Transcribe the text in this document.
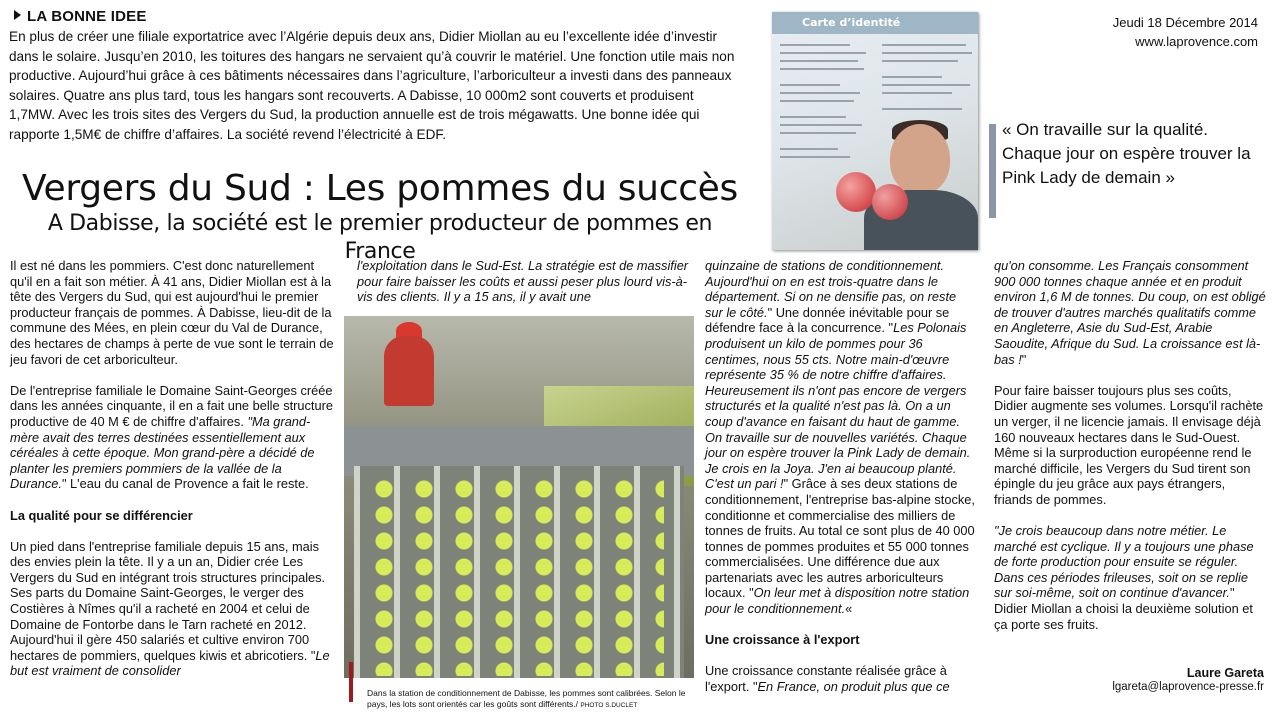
LA BONNE IDEE
En plus de créer une filiale exportatrice avec l’Algérie depuis deux ans, Didier Miollan au eu l’excellente idée d’investir dans le solaire. Jusqu’en 2010, les toitures des hangars ne servaient qu’à couvrir le matériel. Une fonction utile mais non productive. Aujourd’hui grâce à ces bâtiments nécessaires dans l’agriculture, l’arboriculteur a investi dans des panneaux solaires. Quatre ans plus tard, tous les hangars sont recouverts. A Dabisse, 10 000m2 sont couverts et produisent 1,7MW. Avec les trois sites des Vergers du Sud, la production annuelle est de trois mégawatts. Une bonne idée qui rapporte 1,5M€ de chiffre d’affaires. La société revend l’électricité à EDF.
Jeudi 18 Décembre 2014
www.laprovence.com
Vergers du Sud : Les pommes du succès
A Dabisse, la société est le premier producteur de pommes en France
Carte d’identité
« On travaille sur la qualité. Chaque jour on espère trouver la Pink Lady de demain »

Il est né dans les pommiers. C'est donc naturellement qu'il en a fait son métier. À 41 ans, Didier Miollan est à la tête des Vergers du Sud, qui est aujourd'hui le premier producteur français de pommes. À Dabisse, lieu-dit de la commune des Mées, en plein cœur du Val de Durance, des hectares de champs à perte de vue sont le terrain de jeu favori de cet arboriculteur.

De l'entreprise familiale le Domaine Saint-Georges créée dans les années cinquante, il en a fait une belle structure productive de 40 M € de chiffre d'affaires. "Ma grand-mère avait des terres destinées essentiellement aux céréales à cette époque. Mon grand-père a décidé de planter les premiers pommiers de la vallée de la Durance." L'eau du canal de Provence a fait le reste.

La qualité pour se différencier

Un pied dans l'entreprise familiale depuis 15 ans, mais des envies plein la tête. Il y a un an, Didier crée Les Vergers du Sud en intégrant trois structures principales. Ses parts du Domaine Saint-Georges, le verger des Costières à Nîmes qu'il a racheté en 2004 et celui de Domaine de Fontorbe dans le Tarn racheté en 2012. Aujourd'hui il gère 450 salariés et cultive environ 700 hectares de pommiers, quelques kiwis et abricotiers. "Le but est vraiment de consolider

l'exploitation dans le Sud-Est. La stratégie est de massifier pour faire baisser les coûts et aussi peser plus lourd vis-à-vis des clients. Il y a 15 ans, il y avait une

Dans la station de conditionnement de Dabisse, les pommes sont calibrées. Selon le pays, les lots sont orientés car les goûts sont différents./ PHOTO S.DUCLET

quinzaine de stations de conditionnement. Aujourd'hui on en est trois-quatre dans le département. Si on ne densifie pas, on reste sur le côté." Une donnée inévitable pour se défendre face à la concurrence. "Les Polonais produisent un kilo de pommes pour 36 centimes, nous 55 cts. Notre main-d'œuvre représente 35 % de notre chiffre d'affaires. Heureusement ils n'ont pas encore de vergers structurés et la qualité n'est pas là. On a un coup d'avance en faisant du haut de gamme. On travaille sur de nouvelles variétés. Chaque jour on espère trouver la Pink Lady de demain. Je crois en la Joya. J'en ai beaucoup planté. C'est un pari !" Grâce à ses deux stations de conditionnement, l'entreprise bas-alpine stocke, conditionne et commercialise des milliers de tonnes de fruits. Au total ce sont plus de 40 000 tonnes de pommes produites et 55 000 tonnes commercialisées. Une différence due aux partenariats avec les autres arboriculteurs locaux. "On leur met à disposition notre station pour le conditionnement.«

Une croissance à l'export

Une croissance constante réalisée grâce à l'export. "En France, on produit plus que ce

qu'on consomme. Les Français consomment 900 000 tonnes chaque année et en produit environ 1,6 M de tonnes. Du coup, on est obligé de trouver d'autres marchés qualitatifs comme en Angleterre, Asie du Sud-Est, Arabie Saoudite, Afrique du Sud. La croissance est là-bas !"

Pour faire baisser toujours plus ses coûts, Didier augmente ses volumes. Lorsqu'il rachète un verger, il ne licencie jamais. Il envisage déjà 160 nouveaux hectares dans le Sud-Ouest. Même si la surproduction européenne rend le marché difficile, les Vergers du Sud tirent son épingle du jeu grâce aux pays étrangers, friands de pommes.

"Je crois beaucoup dans notre métier. Le marché est cyclique. Il y a toujours une phase de forte production pour ensuite se réguler. Dans ces périodes frileuses, soit on se replie sur soi-même, soit on continue d'avancer." Didier Miollan a choisi la deuxième solution et ça porte ses fruits.

Laure Gareta
lgareta@laprovence-presse.fr
